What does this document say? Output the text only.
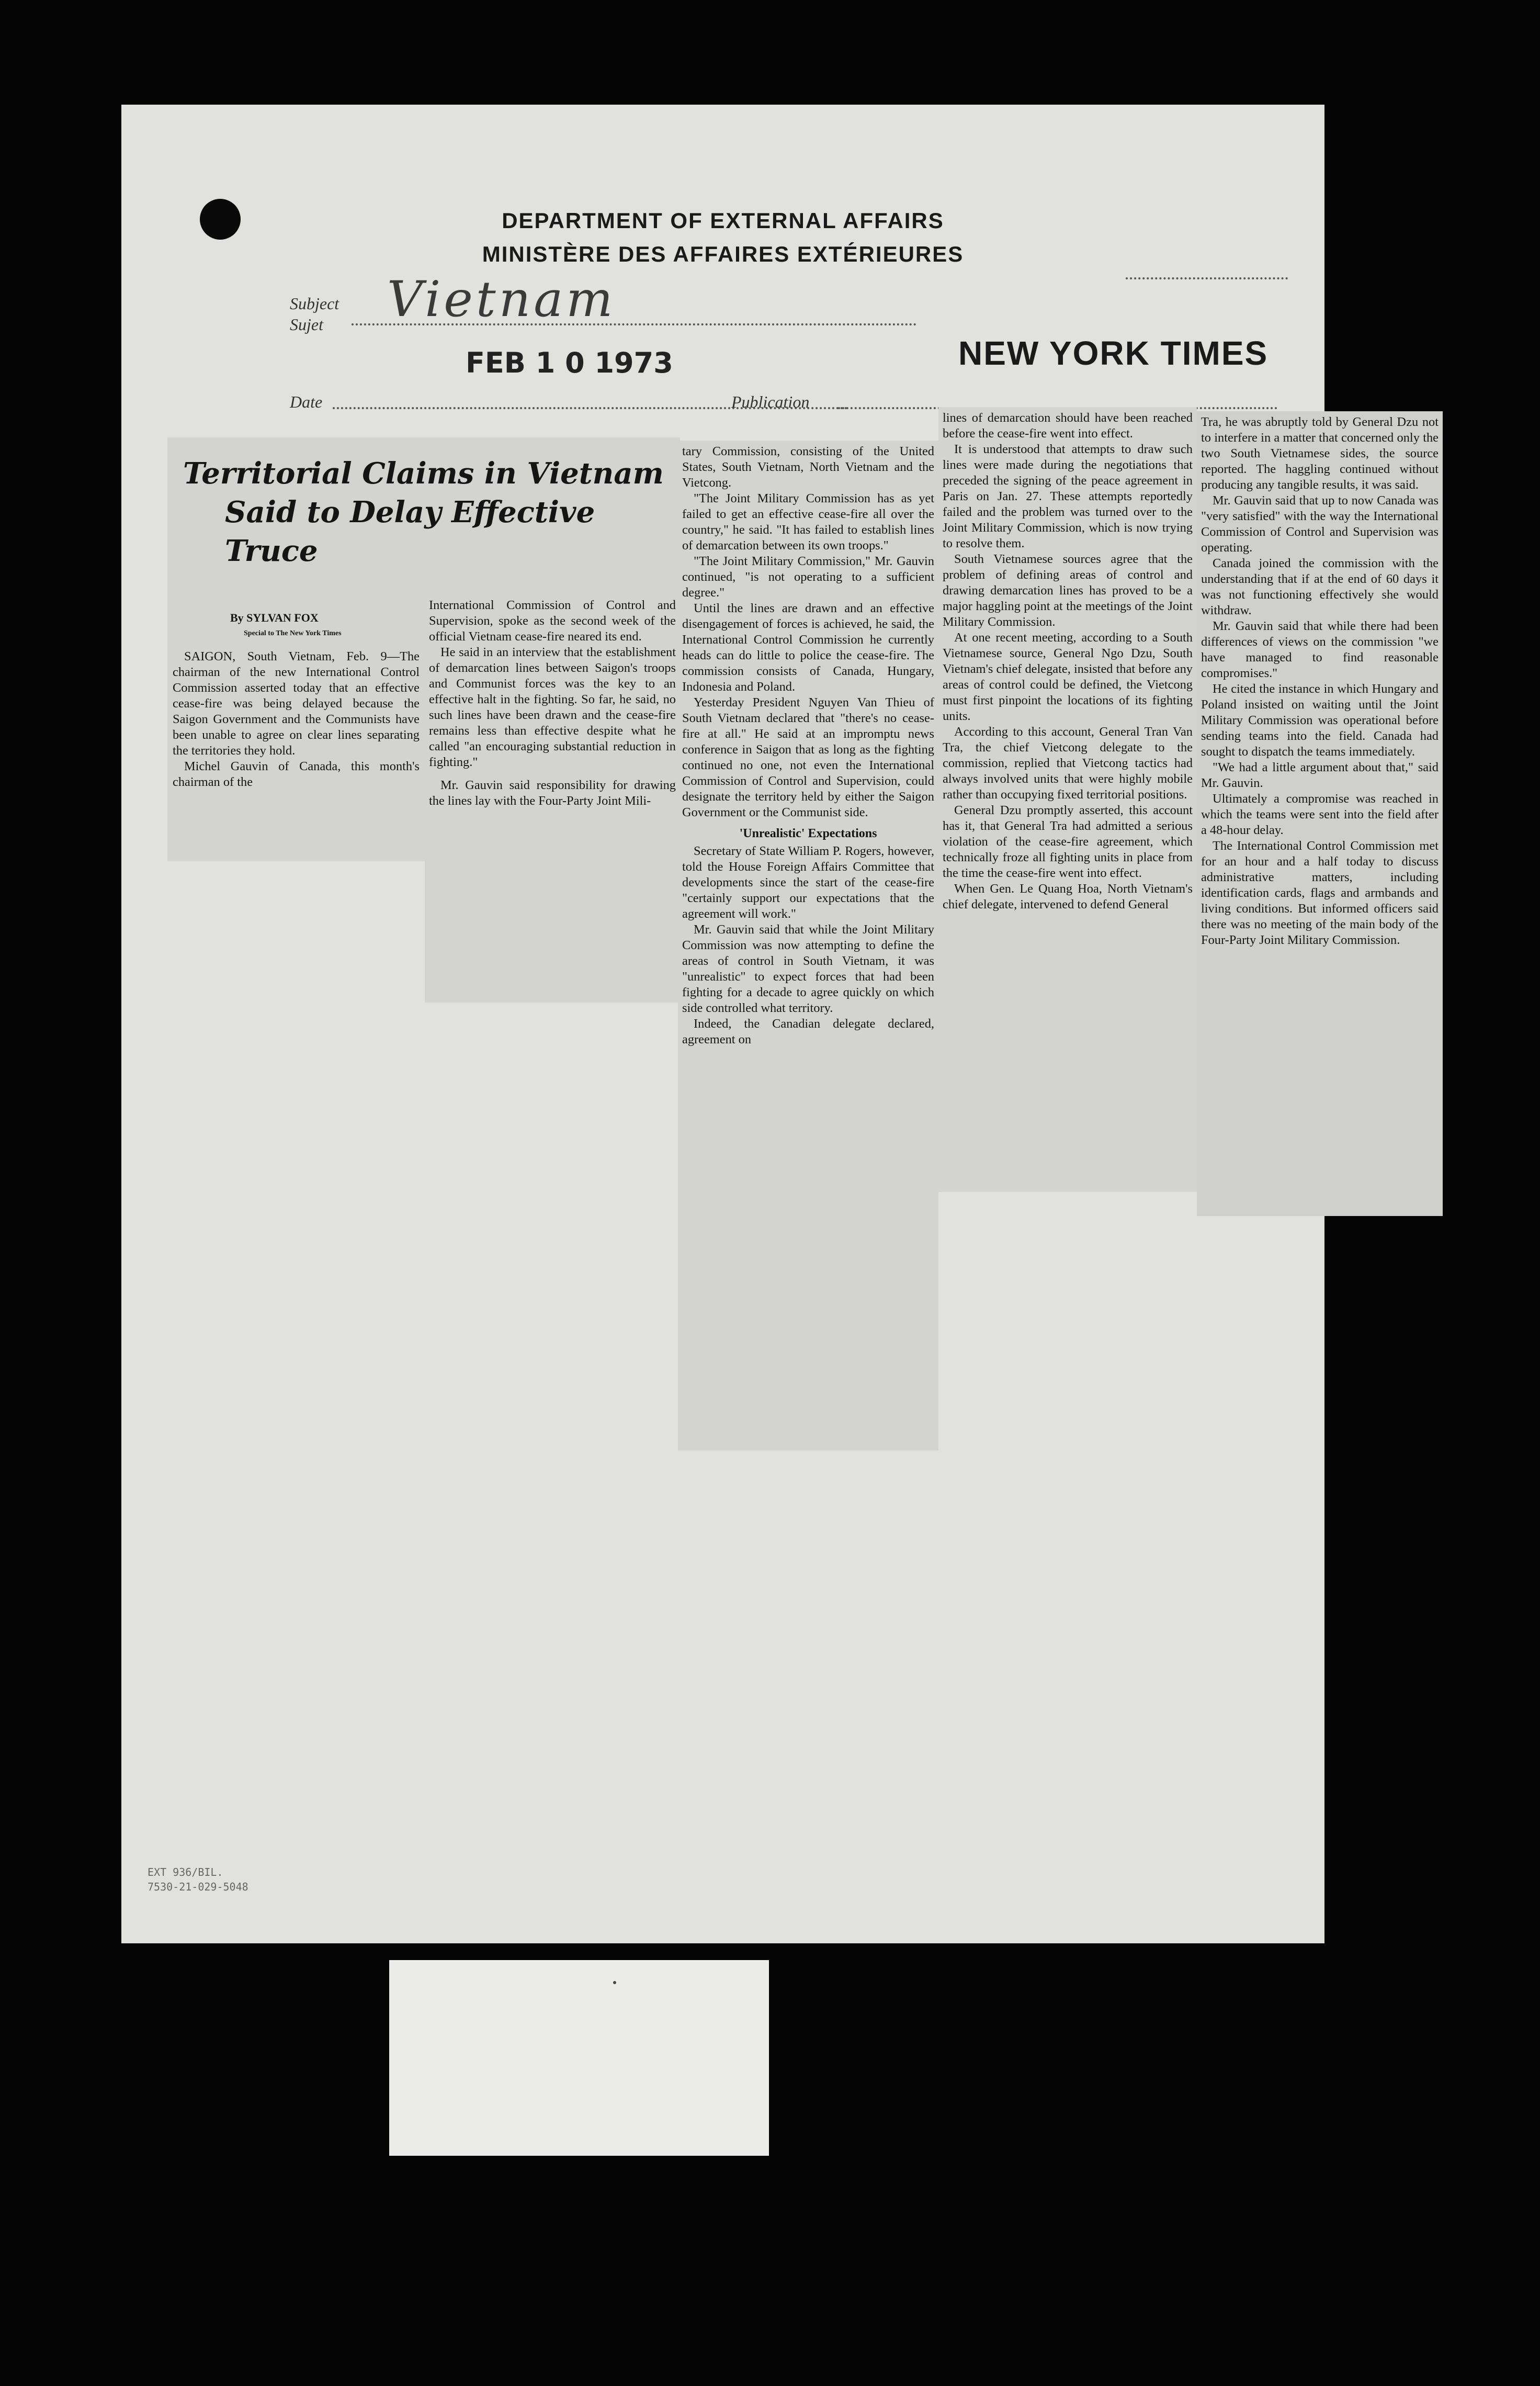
DEPARTMENT OF EXTERNAL AFFAIRS
MINISTÈRE DES AFFAIRES EXTÉRIEURES
Subject
Sujet Vietnam
FEB 1 0 1973	NEW YORK TIMES
Date	Publication
EXT 936/BIL.
7530-21-029-5048
Territorial Claims in Vietnam
Said to Delay Effective Truce
By SYLVAN FOX
Special to The New York Times

SAIGON, South Vietnam, Feb. 9—The chairman of the new International Control Commission asserted today that an effective cease-fire was being delayed because the Saigon Government and the Communists have been unable to agree on clear lines separating the territories they hold.

Michel Gauvin of Canada, this month's chairman of the

International Commission of Control and Supervision, spoke as the second week of the official Vietnam cease-fire neared its end.

He said in an interview that the establishment of demarcation lines between Saigon's troops and Communist forces was the key to an effective halt in the fighting. So far, he said, no such lines have been drawn and the cease-fire remains less than effective despite what he called "an encouraging substantial reduction in fighting."

Mr. Gauvin said responsibility for drawing the lines lay with the Four-Party Joint Mili-

tary Commission, consisting of the United States, South Vietnam, North Vietnam and the Vietcong.

"The Joint Military Commission has as yet failed to get an effective cease-fire all over the country," he said. "It has failed to establish lines of demarcation between its own troops."

"The Joint Military Commission," Mr. Gauvin continued, "is not operating to a sufficient degree."

Until the lines are drawn and an effective disengagement of forces is achieved, he said, the International Control Commission he currently heads can do little to police the cease-fire. The commission consists of Canada, Hungary, Indonesia and Poland.

Yesterday President Nguyen Van Thieu of South Vietnam declared that "there's no cease-fire at all." He said at an impromptu news conference in Saigon that as long as the fighting continued no one, not even the International Commission of Control and Supervision, could designate the territory held by either the Saigon Government or the Communist side.

'Unrealistic' Expectations

Secretary of State William P. Rogers, however, told the House Foreign Affairs Committee that developments since the start of the cease-fire "certainly support our expectations that the agreement will work."

Mr. Gauvin said that while the Joint Military Commission was now attempting to define the areas of control in South Vietnam, it was "unrealistic" to expect forces that had been fighting for a decade to agree quickly on which side controlled what territory.

Indeed, the Canadian delegate declared, agreement on

lines of demarcation should have been reached before the cease-fire went into effect.

It is understood that attempts to draw such lines were made during the negotiations that preceded the signing of the peace agreement in Paris on Jan. 27. These attempts reportedly failed and the problem was turned over to the Joint Military Commission, which is now trying to resolve them.

South Vietnamese sources agree that the problem of defining areas of control and drawing demarcation lines has proved to be a major haggling point at the meetings of the Joint Military Commission.

At one recent meeting, according to a South Vietnamese source, General Ngo Dzu, South Vietnam's chief delegate, insisted that before any areas of control could be defined, the Vietcong must first pinpoint the locations of its fighting units.

According to this account, General Tran Van Tra, the chief Vietcong delegate to the commission, replied that Vietcong tactics had always involved units that were highly mobile rather than occupying fixed territorial positions.

General Dzu promptly asserted, this account has it, that General Tra had admitted a serious violation of the cease-fire agreement, which technically froze all fighting units in place from the time the cease-fire went into effect.

When Gen. Le Quang Hoa, North Vietnam's chief delegate, intervened to defend General

Tra, he was abruptly told by General Dzu not to interfere in a matter that concerned only the two South Vietnamese sides, the source reported. The haggling continued without producing any tangible results, it was said.

Mr. Gauvin said that up to now Canada was "very satisfied" with the way the International Commission of Control and Supervision was operating.

Canada joined the commission with the understanding that if at the end of 60 days it was not functioning effectively she would withdraw.

Mr. Gauvin said that while there had been differences of views on the commission "we have managed to find reasonable compromises."

He cited the instance in which Hungary and Poland insisted on waiting until the Joint Military Commission was operational before sending teams into the field. Canada had sought to dispatch the teams immediately.

"We had a little argument about that," said Mr. Gauvin.

Ultimately a compromise was reached in which the teams were sent into the field after a 48-hour delay.

The International Control Commission met for an hour and a half today to discuss administrative matters, including identification cards, flags and armbands and living conditions. But informed officers said there was no meeting of the main body of the Four-Party Joint Military Commission.
